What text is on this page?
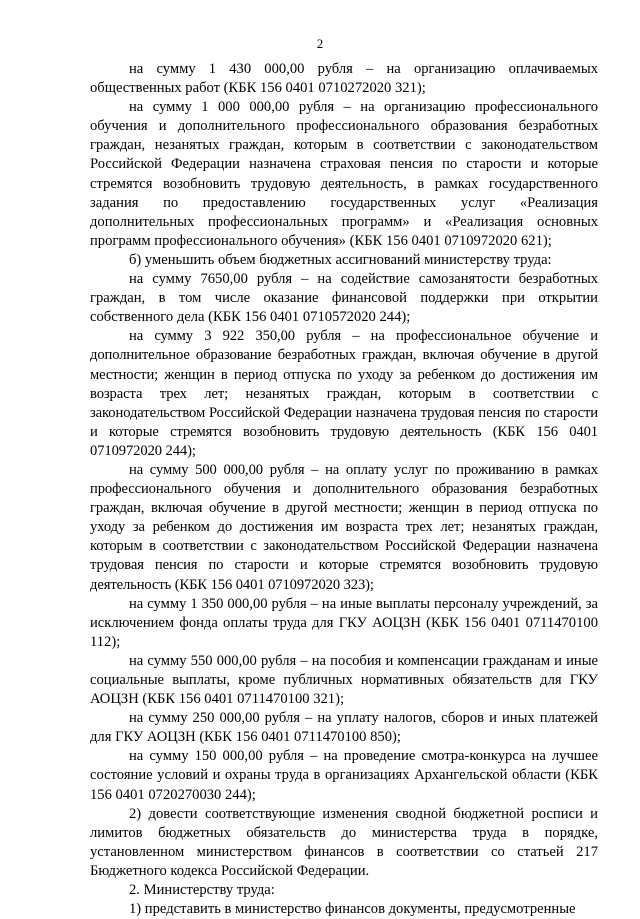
2

на сумму 1 430 000,00 рубля – на организацию оплачиваемых общественных работ (КБК 156 0401 0710272020 321);

на сумму 1 000 000,00 рубля – на организацию профессионального обучения и дополнительного профессионального образования безработных граждан, незанятых граждан, которым в соответствии с законодательством Российской Федерации назначена страховая пенсия по старости и которые стремятся возобновить трудовую деятельность, в рамках государственного задания по предоставлению государственных услуг «Реализация дополнительных профессиональных программ» и «Реализация основных программ профессионального обучения» (КБК 156 0401 0710972020 621);

б) уменьшить объем бюджетных ассигнований министерству труда:

на сумму 7650,00 рубля – на содействие самозанятости безработных граждан, в том числе оказание финансовой поддержки при открытии собственного дела (КБК 156 0401 0710572020 244);

на сумму 3 922 350,00 рубля – на профессиональное обучение и дополнительное образование безработных граждан, включая обучение в другой местности; женщин в период отпуска по уходу за ребенком до достижения им возраста трех лет; незанятых граждан, которым в соответствии с законодательством Российской Федерации назначена трудовая пенсия по старости и которые стремятся возобновить трудовую деятельность (КБК 156 0401 0710972020 244);

на сумму 500 000,00 рубля – на оплату услуг по проживанию в рамках профессионального обучения и дополнительного образования безработных граждан, включая обучение в другой местности; женщин в период отпуска по уходу за ребенком до достижения им возраста трех лет; незанятых граждан, которым в соответствии с законодательством Российской Федерации назначена трудовая пенсия по старости и которые стремятся возобновить трудовую деятельность (КБК 156 0401 0710972020 323);

на сумму 1 350 000,00 рубля – на иные выплаты персоналу учреждений, за исключением фонда оплаты труда для ГКУ АОЦЗН (КБК 156 0401 0711470100 112);

на сумму 550 000,00 рубля – на пособия и компенсации гражданам и иные социальные выплаты, кроме публичных нормативных обязательств для ГКУ АОЦЗН (КБК 156 0401 0711470100 321);

на сумму 250 000,00 рубля – на уплату налогов, сборов и иных платежей для ГКУ АОЦЗН (КБК 156 0401 0711470100 850);

на сумму 150 000,00 рубля – на проведение смотра-конкурса на лучшее состояние условий и охраны труда в организациях Архангельской области (КБК 156 0401 0720270030 244);

2) довести соответствующие изменения сводной бюджетной росписи и лимитов бюджетных обязательств до министерства труда в порядке, установленном министерством финансов в соответствии со статьей 217 Бюджетного кодекса Российской Федерации.

2. Министерству труда:

1) представить в министерство финансов документы, предусмотренные
